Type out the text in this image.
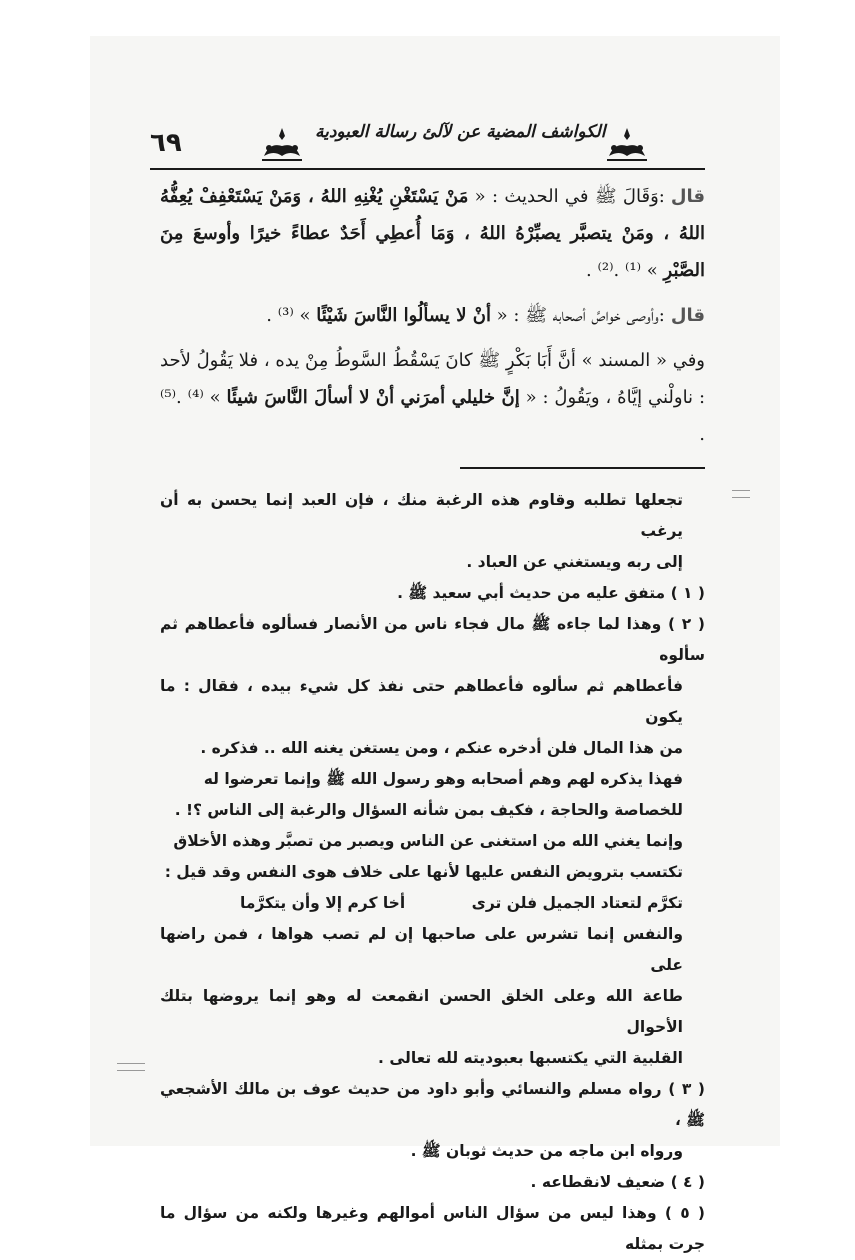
٦٩	الكواشف المضية عن لآلئ رسالة العبودية

قال:وَقَالَ ﷺ في الحديث : « مَنْ يَسْتَغْنِ يُغْنِهِ اللهُ ، وَمَنْ يَسْتَعْفِفْ يُعِفُّهُ اللهُ ، ومَنْ يتصبَّر يصبِّرْهُ اللهُ ، وَمَا أُعطِي أَحَدٌ عطاءً خيرًا وأوسعَ مِنَ الصَّبْرِ » ⁽¹⁾ .⁽²⁾ .

قال:وأوصى خواصَّ أصحابه ﷺ : « أنْ لا يسألُوا النَّاسَ شَيْئًا » ⁽³⁾ .

وفي « المسند » أنَّ أَبَا بَكْرٍ ﷺ كانَ يَسْقُطُ السَّوطُ مِنْ يده ، فلا يَقُولُ لأحد : ناولْني إيَّاهُ ، ويَقُولُ : « إنَّ خليلي أمرَني أنْ لا أسألَ النَّاسَ شيئًا » ⁽⁴⁾ .⁽⁵⁾ .

تجعلها تطلبه وقاوم هذه الرغبة منك ، فإن العبد إنما يحسن به أن يرغب

إلى ربه ويستغني عن العباد .

( ١ ) متفق عليه من حديث أبي سعيد ﷺ .

( ٢ ) وهذا لما جاءه ﷺ مال فجاء ناس من الأنصار فسألوه فأعطاهم ثم سألوه

فأعطاهم ثم سألوه فأعطاهم حتى نفذ كل شيء بيده ، فقال : ما يكون

من هذا المال فلن أدخره عنكم ، ومن يستغن يغنه الله .. فذكره .

فهذا يذكره لهم وهم أصحابه وهو رسول الله ﷺ وإنما تعرضوا له

للخصاصة والحاجة ، فكيف بمن شأنه السؤال والرغبة إلى الناس ؟! .

وإنما يغني الله من استغنى عن الناس ويصبر من تصبَّر وهذه الأخلاق

تكتسب بترويض النفس عليها لأنها على خلاف هوى النفس وقد قيل :

تكرَّم لتعتاد الجميل فلن ترى
أخا كرم إلا وأن يتكرَّما

والنفس إنما تشرس على صاحبها إن لم تصب هواها ، فمن راضها على

طاعة الله وعلى الخلق الحسن انقمعت له وهو إنما يروضها بتلك الأحوال

القلبية التي يكتسبها بعبوديته لله تعالى .

( ٣ ) رواه مسلم والنسائي وأبو داود من حديث عوف بن مالك الأشجعي ﷺ ،

ورواه ابن ماجه من حديث ثوبان ﷺ .

( ٤ ) ضعيف لانقطاعه .

( ٥ ) وهذا ليس من سؤال الناس أموالهم وغيرها ولكنه من سؤال ما جرت بمثله
